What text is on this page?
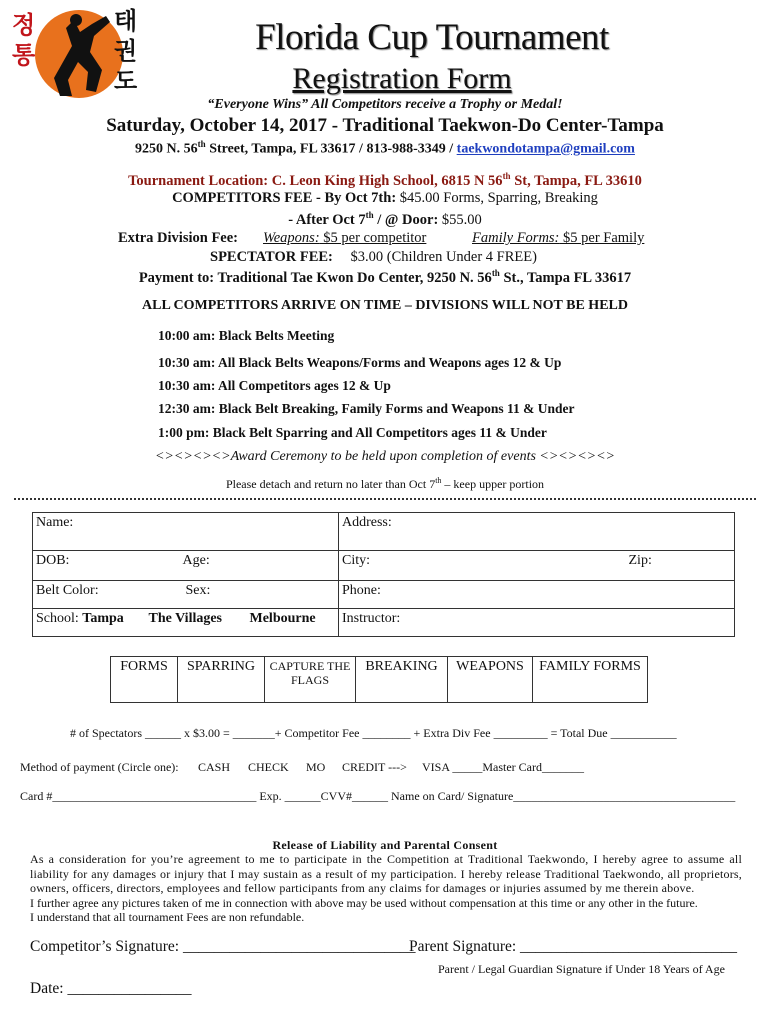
정통
태권도
Florida Cup Tournament
Registration Form
“Everyone Wins” All Competitors receive a Trophy or Medal!
Saturday, October 14, 2017 - Traditional Taekwon-Do Center-Tampa
9250 N. 56th Street, Tampa, FL 33617 / 813-988-3349 / taekwondotampa@gmail.com
Tournament Location: C. Leon King High School, 6815 N 56th St, Tampa, FL 33610
COMPETITORS FEE - By Oct 7th: $45.00 Forms, Sparring, Breaking
- After Oct 7th / @ Door: $55.00
Extra Division Fee: Weapons: $5 per competitor	Family Forms: $5 per Family
SPECTATOR FEE: $3.00 (Children Under 4 FREE)
Payment to: Traditional Tae Kwon Do Center, 9250 N. 56th St., Tampa FL 33617
ALL COMPETITORS ARRIVE ON TIME – DIVISIONS WILL NOT BE HELD
10:00 am: Black Belts Meeting
10:30 am: All Black Belts Weapons/Forms and Weapons ages 12 & Up
10:30 am: All Competitors ages 12 & Up
12:30 am: Black Belt Breaking, Family Forms and Weapons 11 & Under
1:00 pm: Black Belt Sparring and All Competitors ages 11 & Under
<><><><>Award Ceremony to be held upon completion of events <><><><>
Please detach and return no later than Oct 7th – keep upper portion
Name:	Address:
DOB: Age:	City: Zip:

Belt Color: Sex:	Phone:
School: Tampa The Villages Melbourne	Instructor:
FORMS	SPARRING	CAPTURE THE FLAGS	BREAKING	WEAPONS	FAMILY FORMS
# of Spectators ______ x $3.00 = _______+ Competitor Fee ________ + Extra Div Fee _________ = Total Due ___________
Method of payment (Circle one): CASH CHECK MO CREDIT ---> VISA _____Master Card_______
Card #__________________________________ Exp. ______CVV#______ Name on Card/ Signature_____________________________________
Release of Liability and Parental Consent
As a consideration for you’re agreement to me to participate in the Competition at Traditional Taekwondo, I hereby agree to assume all liability for any damages or injury that I may sustain as a result of my participation. I hereby release Traditional Taekwondo, all proprietors, owners, officers, directors, employees and fellow participants from any claims for damages or injuries assumed by me therein above.
I further agree any pictures taken of me in connection with above may be used without compensation at this time or any other in the future.
I understand that all tournament Fees are non refundable.
Competitor’s Signature: ______________________________
Parent Signature: ____________________________
Parent / Legal Guardian Signature if Under 18 Years of Age
Date: ________________
